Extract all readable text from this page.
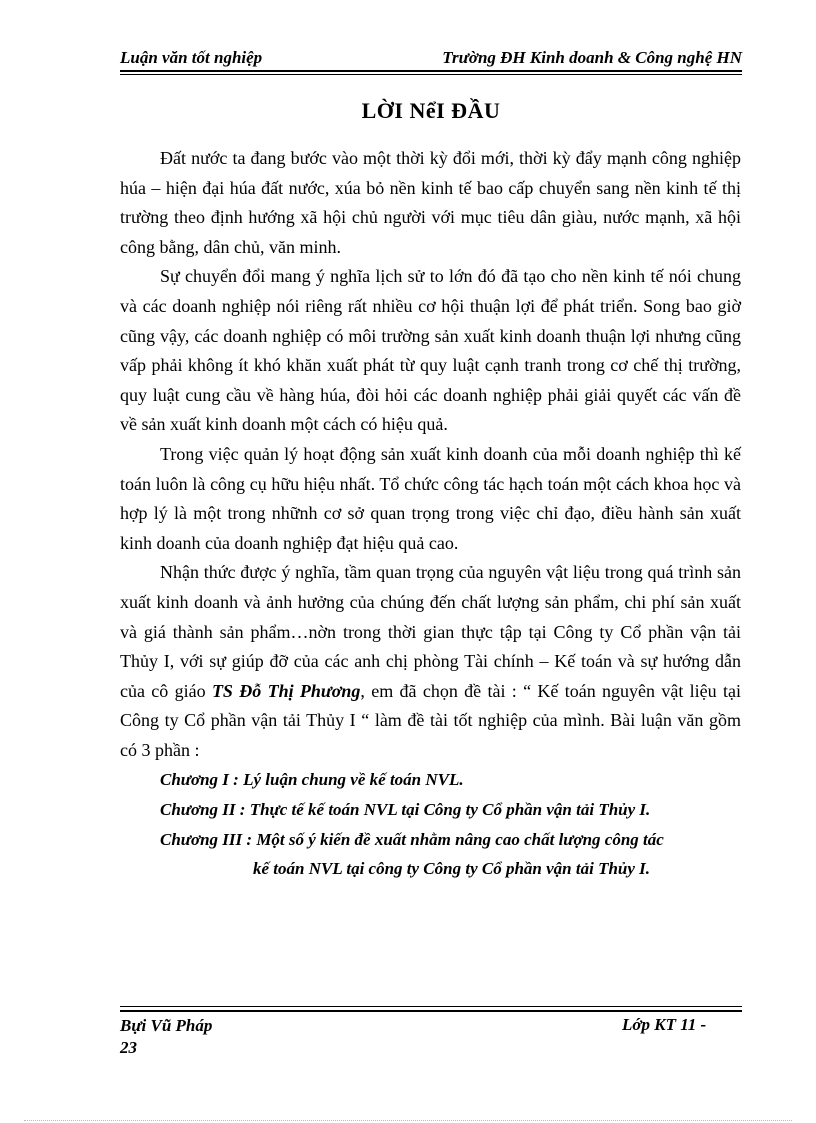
Luận văn tốt nghiệp	Trường ĐH Kinh doanh & Công nghệ HN
LỜI NểI ĐẦU

Đất nước ta đang bước vào một thời kỳ đổi mới, thời kỳ đẩy mạnh công nghiệp húa – hiện đại húa đất nước, xúa bỏ nền kinh tế bao cấp chuyển sang nền kinh tế thị trường theo định hướng xã hội chủ người với mục tiêu dân giàu, nước mạnh, xã hội công bằng, dân chủ, văn minh.

Sự chuyển đổi mang ý nghĩa lịch sử to lớn đó đã tạo cho nền kinh tế nói chung và các doanh nghiệp nói riêng rất nhiều cơ hội thuận lợi để phát triển. Song bao giờ cũng vậy, các doanh nghiệp có môi trường sản xuất kinh doanh thuận lợi nhưng cũng vấp phải không ít khó khăn xuất phát từ quy luật cạnh tranh trong cơ chế thị trường, quy luật cung cầu về hàng húa, đòi hỏi các doanh nghiệp phải giải quyết các vấn đề về sản xuất kinh doanh một cách có hiệu quả.

Trong việc quản lý hoạt động sản xuất kinh doanh của mỗi doanh nghiệp thì kế toán luôn là công cụ hữu hiệu nhất. Tổ chức công tác hạch toán một cách khoa học và hợp lý là một trong nhữnh cơ sở quan trọng trong việc chỉ đạo, điều hành sản xuất kinh doanh của doanh nghiệp đạt hiệu quả cao.

Nhận thức được ý nghĩa, tầm quan trọng của nguyên vật liệu trong quá trình sản xuất kinh doanh và ảnh hưởng của chúng đến chất lượng sản phẩm, chi phí sản xuất và giá thành sản phẩm…nờn trong thời gian thực tập tại Công ty Cổ phần vận tải Thủy I, với sự giúp đỡ của các anh chị phòng Tài chính – Kế toán và sự hướng dẫn của cô giáo TS Đỗ Thị Phương, em đã chọn đề tài : “ Kế toán nguyên vật liệu tại Công ty Cổ phần vận tải Thủy I “ làm đề tài tốt nghiệp của mình. Bài luận văn gồm có 3 phần :

Chương I : Lý luận chung về kế toán NVL.

Chương II : Thực tế kế toán NVL tại Công ty Cổ phần vận tải Thủy I.

Chương III : Một số ý kiến đề xuất nhằm nâng cao chất lượng công tác

kế toán NVL tại công ty Công ty Cổ phần vận tải Thủy I.

Bựi Vũ Pháp
23
Lớp KT 11 -
